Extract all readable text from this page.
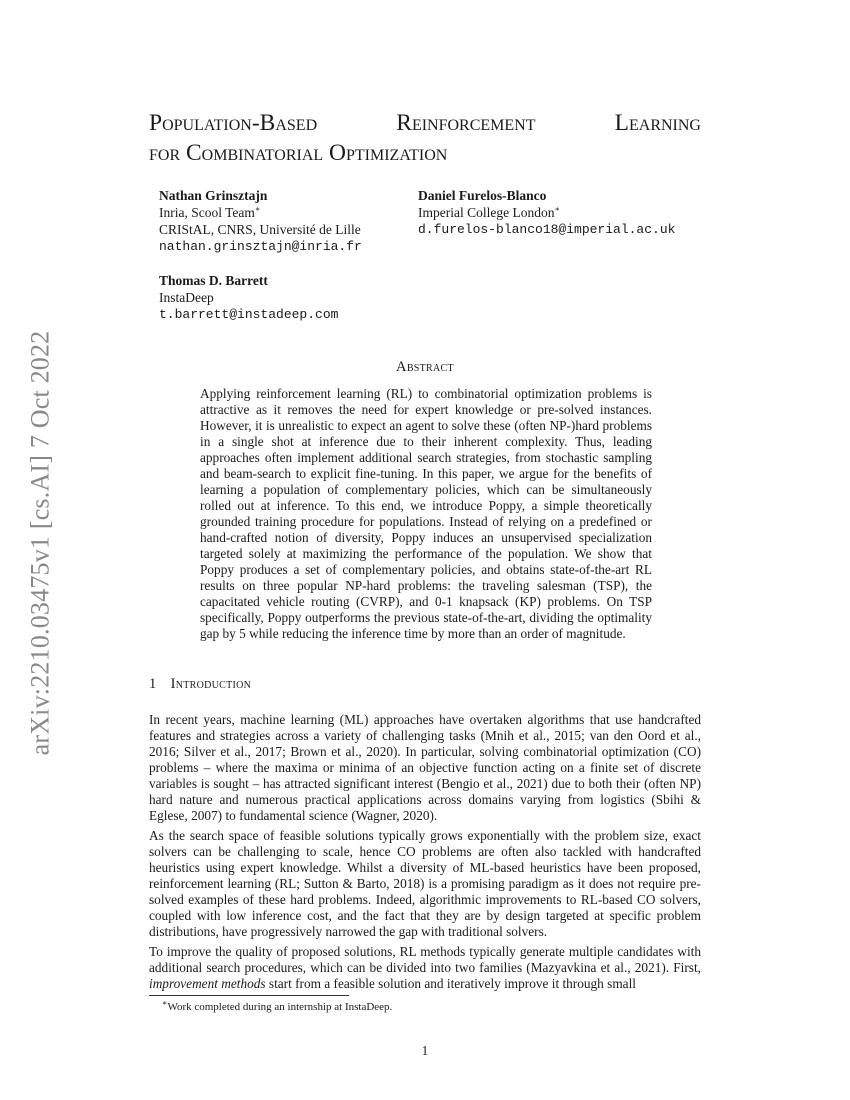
arXiv:2210.03475v1 [cs.AI] 7 Oct 2022
Population-Based	Reinforcement	Learning
for Combinatorial Optimization
Nathan Grinsztajn
Inria, Scool Team∗
CRIStAL, CNRS, Université de Lille
nathan.grinsztajn@inria.fr
Daniel Furelos-Blanco
Imperial College London∗
d.furelos-blanco18@imperial.ac.uk
Thomas D. Barrett
InstaDeep
t.barrett@instadeep.com
Abstract
Applying reinforcement learning (RL) to combinatorial optimization problems is attractive as it removes the need for expert knowledge or pre-solved instances. However, it is unrealistic to expect an agent to solve these (often NP-)hard problems in a single shot at inference due to their inherent complexity. Thus, leading approaches often implement additional search strategies, from stochastic sampling and beam-search to explicit fine-tuning. In this paper, we argue for the benefits of learning a population of complementary policies, which can be simultaneously rolled out at inference. To this end, we introduce Poppy, a simple theoretically grounded training procedure for populations. Instead of relying on a predefined or hand-crafted notion of diversity, Poppy induces an unsupervised specialization targeted solely at maximizing the performance of the population. We show that Poppy produces a set of complementary policies, and obtains state-of-the-art RL results on three popular NP-hard problems: the traveling salesman (TSP), the capacitated vehicle routing (CVRP), and 0-1 knapsack (KP) problems. On TSP specifically, Poppy outperforms the previous state-of-the-art, dividing the optimality gap by 5 while reducing the inference time by more than an order of magnitude.
1 Introduction

In recent years, machine learning (ML) approaches have overtaken algorithms that use handcrafted features and strategies across a variety of challenging tasks (Mnih et al., 2015; van den Oord et al., 2016; Silver et al., 2017; Brown et al., 2020). In particular, solving combinatorial optimization (CO) problems – where the maxima or minima of an objective function acting on a finite set of discrete variables is sought – has attracted significant interest (Bengio et al., 2021) due to both their (often NP) hard nature and numerous practical applications across domains varying from logistics (Sbihi & Eglese, 2007) to fundamental science (Wagner, 2020).

As the search space of feasible solutions typically grows exponentially with the problem size, exact solvers can be challenging to scale, hence CO problems are often also tackled with handcrafted heuristics using expert knowledge. Whilst a diversity of ML-based heuristics have been proposed, reinforcement learning (RL; Sutton & Barto, 2018) is a promising paradigm as it does not require pre-solved examples of these hard problems. Indeed, algorithmic improvements to RL-based CO solvers, coupled with low inference cost, and the fact that they are by design targeted at specific problem distributions, have progressively narrowed the gap with traditional solvers.

To improve the quality of proposed solutions, RL methods typically generate multiple candidates with additional search procedures, which can be divided into two families (Mazyavkina et al., 2021). First, improvement methods start from a feasible solution and iteratively improve it through small

∗Work completed during an internship at InstaDeep.
1
